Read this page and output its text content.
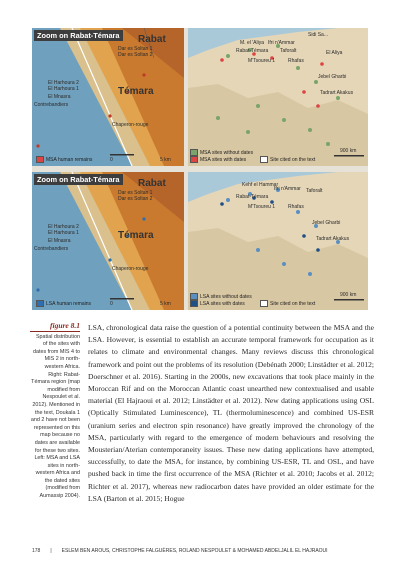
Zoom on Rabat-Témara	Rabat
Témara
Dar es Soltan 1
Dar es Soltan 2
El Harhoura 2
El Harhoura 1
El Mnasra
Contrebandiers
Chaperon-rouge
MSA human remains	0	5 km
Sidi Sa...
M. el 'Aliya Ifri n'Ammar
Rabat-Témara Taforalt
M'Tsoureu 1	Rhafas
El Aliya
Jebel Gharbi
Tadrart Akakus
MSA sites without dates
MSA sites with dates	Site cited on the text
900 km
Zoom on Rabat-Témara	Rabat
Témara
Dar es Soltan 1
Dar es Soltan 2
El Harhoura 2
El Harhoura 1
El Mnasra
Contrebandiers
Chaperon-rouge
LSA human remains	0	5 km
Kehf el Hammar
Ifri n'Ammar
Rabat-Témara
Taforalt
M'Tsoureu 1	Rhafas
Jebel Gharbi
Tadrart Akakus
LSA sites without dates
LSA sites with dates	Site cited on the text
900 km
figure 8.1
Spatial distribution of the sites with dates from MIS 4 to MIS 2 in north-western Africa. Right: Rabat-Témara region (map modified from Nespoulet et al. 2012). Mentioned in the text, Doukala 1 and 2 have not been represented on this map because no dates are available for these two sites. Left: MSA and LSA sites in north-western Africa and the dated sites (modified from Aumassip 2004).

LSA, chronological data raise the question of a potential continuity between the MSA and the LSA. However, is essential to establish an accurate temporal framework for occupation as it relates to climate and environmental changes. Many reviews discuss this chronological framework and point out the problems of its resolution (Debénath 2000; Linstädter et al. 2012; Doerschner et al. 2016). Starting in the 2000s, new excavations that took place mainly in the Moroccan Rif and on the Moroccan Atlantic coast unearthed new contextualised and usable material (El Hajraoui et al. 2012; Linstädter et al. 2012). New dating applications using OSL (Optically Stimulated Luminescence), TL (thermoluminescence) and combined US-ESR (uranium series and electron spin resonance) have greatly improved the chronology of the MSA, particularly with regard to the emergence of modern behaviours and resolving the Mousterian/Aterian contemporaneity issues. These new dating applications have attempted, successfully, to date the MSA, for instance, by combining US-ESR, TL and OSL, and have pushed back in time the first occurrence of the MSA (Richter et al. 2010; Jacobs et al. 2012; Richter et al. 2017), whereas new radiocarbon dates have provided an older estimate for the LSA (Barton et al. 2015; Hogue

178 | ESLEM BEN AROUS, CHRISTOPHE FALGUÈRES, ROLAND NESPOULET & MOHAMED ABDELJALIL EL HAJRAOUI
